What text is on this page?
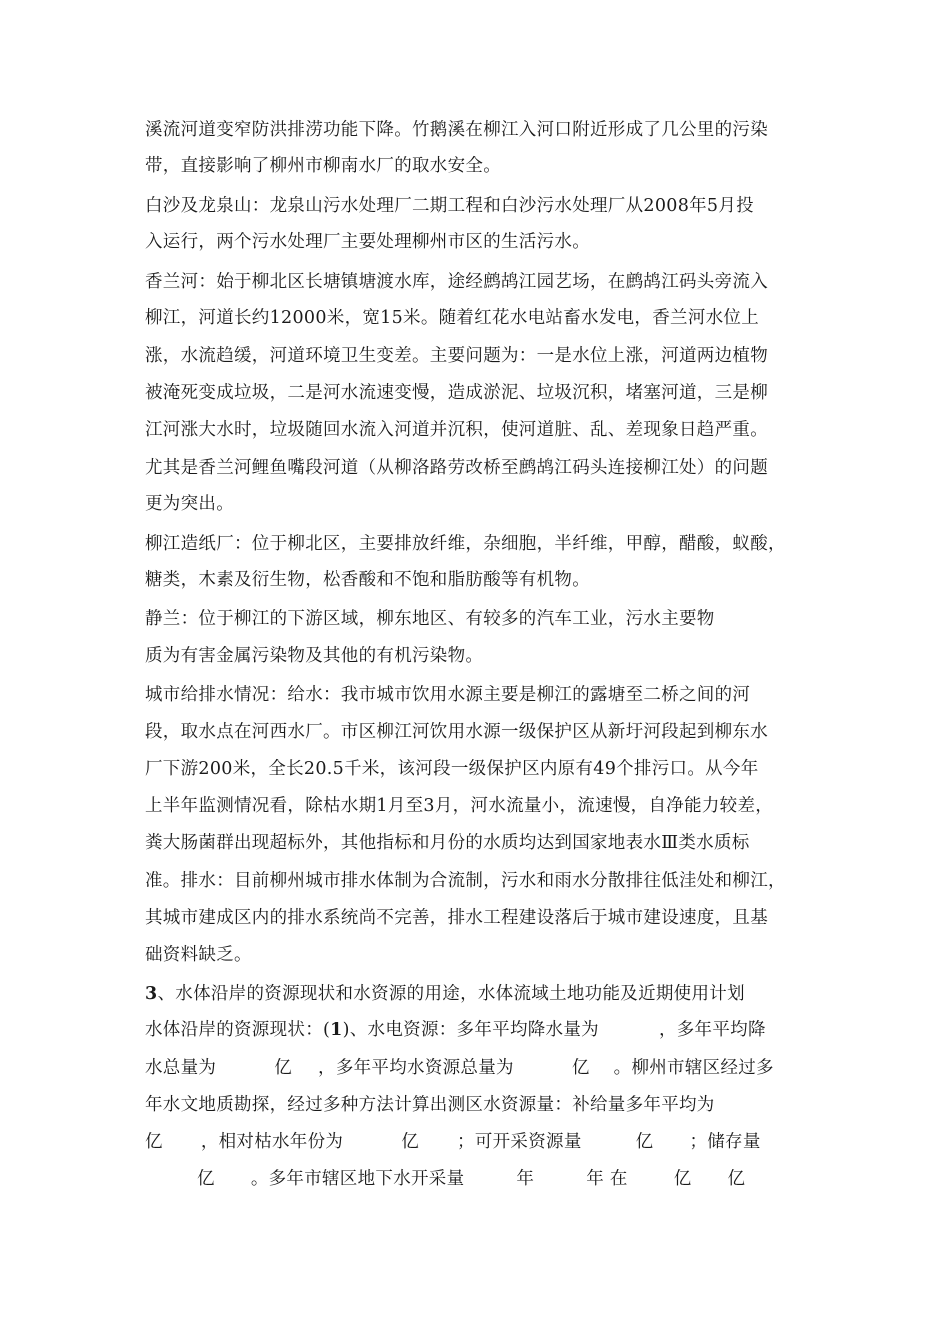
溪流河道变窄防洪排涝功能下降。竹鹅溪在柳江入河口附近形成了几公里的污染

带，直接影响了柳州市柳南水厂的取水安全。

白沙及龙泉山：龙泉山污水处理厂二期工程和白沙污水处理厂从2008年5月投

入运行，两个污水处理厂主要处理柳州市区的生活污水。

香兰河：始于柳北区长塘镇塘渡水库，途经鹧鸪江园艺场，在鹧鸪江码头旁流入

柳江，河道长约12000米，宽15米。随着红花水电站畜水发电，香兰河水位上

涨，水流趋缓，河道环境卫生变差。主要问题为：一是水位上涨，河道两边植物

被淹死变成垃圾，二是河水流速变慢，造成淤泥、垃圾沉积，堵塞河道，三是柳

江河涨大水时，垃圾随回水流入河道并沉积，使河道脏、乱、差现象日趋严重。

尤其是香兰河鲤鱼嘴段河道（从柳洛路劳改桥至鹧鸪江码头连接柳江处）的问题

更为突出。

柳江造纸厂：位于柳北区，主要排放纤维，杂细胞，半纤维，甲醇，醋酸，蚁酸，

糖类，木素及衍生物，松香酸和不饱和脂肪酸等有机物。

静兰：位于柳江的下游区域，柳东地区、有较多的汽车工业，污水主要物

质为有害金属污染物及其他的有机污染物。

城市给排水情况：给水：我市城市饮用水源主要是柳江的露塘至二桥之间的河

段，取水点在河西水厂。市区柳江河饮用水源一级保护区从新圩河段起到柳东水

厂下游200米，全长20.5千米，该河段一级保护区内原有49个排污口。从今年

上半年监测情况看，除枯水期1月至3月，河水流量小，流速慢，自净能力较差，

粪大肠菌群出现超标外，其他指标和月份的水质均达到国家地表水Ⅲ类水质标

准。排水：目前柳州城市排水体制为合流制，污水和雨水分散排往低洼处和柳江，

其城市建成区内的排水系统尚不完善，排水工程建设落后于城市建设速度，且基

础资料缺乏。

3、水体沿岸的资源现状和水资源的用途，水体流域土地功能及近期使用计划

水体沿岸的资源现状：(1)、水电资源：多年平均降水量为	，多年平均降

水总量为	亿 ，多年平均水资源总量为	亿 。柳州市辖区经过多

年水文地质勘探，经过多种方法计算出测区水资源量：补给量多年平均为

亿 ，相对枯水年份为	亿 ；可开采资源量	亿 ；储存量

亿 。多年市辖区地下水开采量	年	年 在	亿 亿
